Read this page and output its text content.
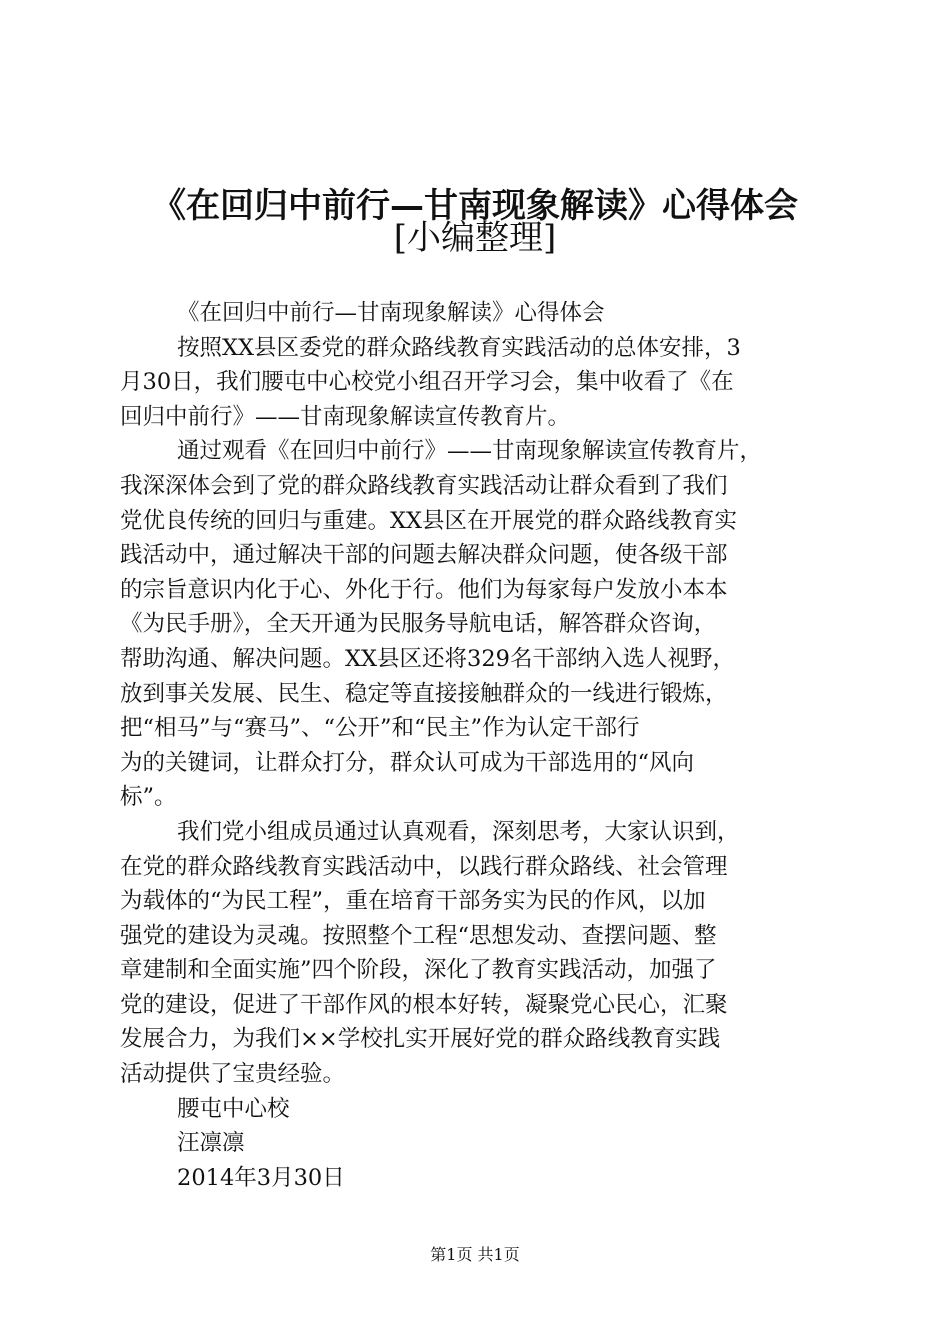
《在回归中前行—甘南现象解读》心得体会
[小编整理]
《在回归中前行—甘南现象解读》心得体会
按照XX县区委党的群众路线教育实践活动的总体安排，3
月30日，我们腰屯中心校党小组召开学习会，集中收看了《在
回归中前行》——甘南现象解读宣传教育片。
通过观看《在回归中前行》——甘南现象解读宣传教育片，
我深深体会到了党的群众路线教育实践活动让群众看到了我们
党优良传统的回归与重建。XX县区在开展党的群众路线教育实
践活动中，通过解决干部的问题去解决群众问题，使各级干部
的宗旨意识内化于心、外化于行。他们为每家每户发放小本本
《为民手册》，全天开通为民服务导航电话，解答群众咨询，
帮助沟通、解决问题。XX县区还将329名干部纳入选人视野，
放到事关发展、民生、稳定等直接接触群众的一线进行锻炼，
把“相马”与“赛马”、“公开”和“民主”作为认定干部行
为的关键词，让群众打分，群众认可成为干部选用的“风向
标”。
我们党小组成员通过认真观看，深刻思考，大家认识到，
在党的群众路线教育实践活动中，以践行群众路线、社会管理
为载体的“为民工程”，重在培育干部务实为民的作风，以加
强党的建设为灵魂。按照整个工程“思想发动、查摆问题、整
章建制和全面实施”四个阶段，深化了教育实践活动，加强了
党的建设，促进了干部作风的根本好转，凝聚党心民心，汇聚
发展合力，为我们××学校扎实开展好党的群众路线教育实践
活动提供了宝贵经验。
腰屯中心校
汪凛凛
2014年3月30日
第1页 共1页
